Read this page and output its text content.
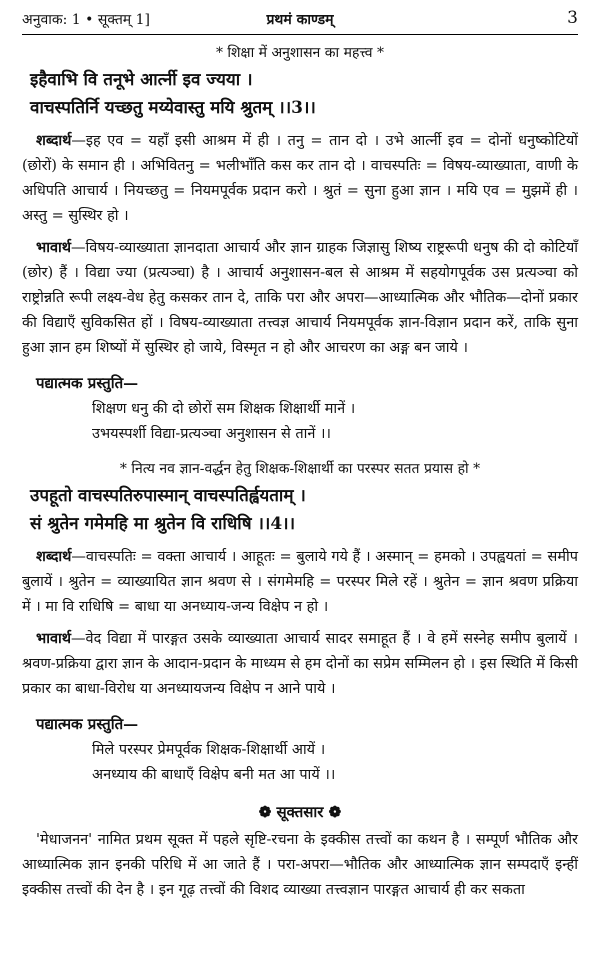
अनुवाक: 1 • सूक्तम् 1]	प्रथमं काण्डम्	3
* शिक्षा में अनुशासन का महत्त्व *
इहैवाभि वि तनूभे आर्त्नी इव ज्यया ।
वाचस्पतिर्नि यच्छतु मय्येवास्तु मयि श्रुतम् ।।3।।

शब्दार्थ—इह एव = यहाँ इसी आश्रम में ही । तनु = तान दो । उभे आर्त्नी इव = दोनों धनुष्कोटियों (छोरों) के समान ही । अभिवितनु = भलीभाँति कस कर तान दो । वाचस्पतिः = विषय-व्याख्याता, वाणी के अधिपति आचार्य । नियच्छतु = नियमपूर्वक प्रदान करो । श्रुतं = सुना हुआ ज्ञान । मयि एव = मुझमें ही । अस्तु = सुस्थिर हो ।

भावार्थ—विषय-व्याख्याता ज्ञानदाता आचार्य और ज्ञान ग्राहक जिज्ञासु शिष्य राष्ट्ररूपी धनुष की दो कोटियाँ (छोर) हैं । विद्या ज्या (प्रत्यञ्चा) है । आचार्य अनुशासन-बल से आश्रम में सहयोगपूर्वक उस प्रत्यञ्चा को राष्ट्रोन्नति रूपी लक्ष्य-वेध हेतु कसकर तान दे, ताकि परा और अपरा—आध्यात्मिक और भौतिक—दोनों प्रकार की विद्याएँ सुविकसित हों । विषय-व्याख्याता तत्त्वज्ञ आचार्य नियमपूर्वक ज्ञान-विज्ञान प्रदान करें, ताकि सुना हुआ ज्ञान हम शिष्यों में सुस्थिर हो जाये, विस्मृत न हो और आचरण का अङ्ग बन जाये ।

पद्यात्मक प्रस्तुति—
शिक्षण धनु की दो छोरों सम शिक्षक शिक्षार्थी मानें ।
उभयस्पर्शी विद्या-प्रत्यञ्चा अनुशासन से तानें ।।
* नित्य नव ज्ञान-वर्द्धन हेतु शिक्षक-शिक्षार्थी का परस्पर सतत प्रयास हो *
उपहूतो वाचस्पतिरुपास्मान् वाचस्पतिर्ह्वयताम् ।
सं श्रुतेन गमेमहि मा श्रुतेन वि राधिषि ।।4।।

शब्दार्थ—वाचस्पतिः = वक्ता आचार्य । आहूतः = बुलाये गये हैं । अस्मान् = हमको । उपह्वयतां = समीप बुलायें । श्रुतेन = व्याख्यायित ज्ञान श्रवण से । संगमेमहि = परस्पर मिले रहें । श्रुतेन = ज्ञान श्रवण प्रक्रिया में । मा वि राधिषि = बाधा या अनध्याय-जन्य विक्षेप न हो ।

भावार्थ—वेद विद्या में पारङ्गत उसके व्याख्याता आचार्य सादर समाहूत हैं । वे हमें सस्नेह समीप बुलायें । श्रवण-प्रक्रिया द्वारा ज्ञान के आदान-प्रदान के माध्यम से हम दोनों का सप्रेम सम्मिलन हो । इस स्थिति में किसी प्रकार का बाधा-विरोध या अनध्यायजन्य विक्षेप न आने पाये ।

पद्यात्मक प्रस्तुति—
मिले परस्पर प्रेमपूर्वक शिक्षक-शिक्षार्थी आयें ।
अनध्याय की बाधाएँ विक्षेप बनी मत आ पायें ।।
❁ सूक्तसार ❁

'मेधाजनन' नामित प्रथम सूक्त में पहले सृष्टि-रचना के इक्कीस तत्त्वों का कथन है । सम्पूर्ण भौतिक और आध्यात्मिक ज्ञान इनकी परिधि में आ जाते हैं । परा-अपरा—भौतिक और आध्यात्मिक ज्ञान सम्पदाएँ इन्हीं इक्कीस तत्त्वों की देन है । इन गूढ़ तत्त्वों की विशद व्याख्या तत्त्वज्ञान पारङ्गत आचार्य ही कर सकता
